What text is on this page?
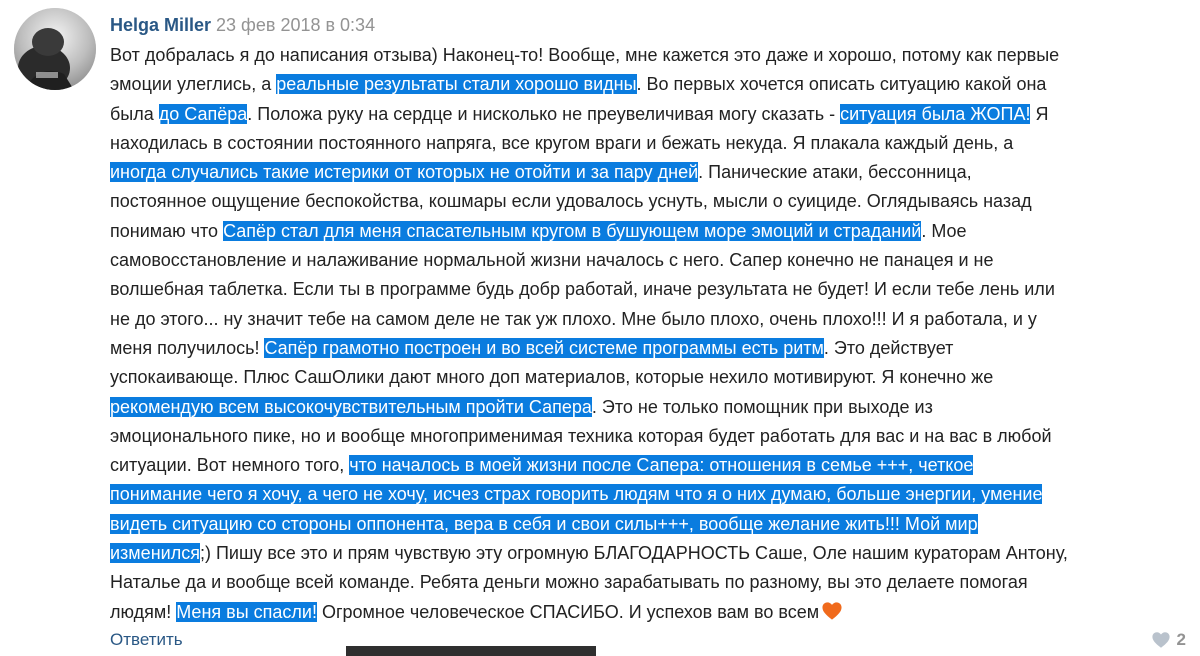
Helga Miller 23 фев 2018 в 0:34
Вот добралась я до написания отзыва) Наконец-то! Вообще, мне кажется это даже и хорошо, потому как первые
эмоции улеглись, а реальные результаты стали хорошо видны. Во первых хочется описать ситуацию какой она
была до Сапёра. Положа руку на сердце и нисколько не преувеличивая могу сказать - ситуация была ЖОПА! Я
находилась в состоянии постоянного напряга, все кругом враги и бежать некуда. Я плакала каждый день, а
иногда случались такие истерики от которых не отойти и за пару дней. Панические атаки, бессонница,
постоянное ощущение беспокойства, кошмары если удовалось уснуть, мысли о суициде. Оглядываясь назад
понимаю что Сапёр стал для меня спасательным кругом в бушующем море эмоций и страданий. Мое
самовосстановление и налаживание нормальной жизни началось с него. Сапер конечно не панацея и не
волшебная таблетка. Если ты в программе будь добр работай, иначе результата не будет! И если тебе лень или
не до этого... ну значит тебе на самом деле не так уж плохо. Мне было плохо, очень плохо!!! И я работала, и у
меня получилось! Сапёр грамотно построен и во всей системе программы есть ритм. Это действует
успокаивающе. Плюс СашОлики дают много доп материалов, которые нехило мотивируют. Я конечно же
рекомендую всем высокочувствительным пройти Сапера. Это не только помощник при выходе из
эмоционального пике, но и вообще многоприменимая техника которая будет работать для вас и на вас в любой
ситуации. Вот немного того, что началось в моей жизни после Сапера: отношения в семье +++, четкое
понимание чего я хочу, а чего не хочу, исчез страх говорить людям что я о них думаю, больше энергии, умение
видеть ситуацию со стороны оппонента, вера в себя и свои силы+++, вообще желание жить!!! Мой мир
изменился;) Пишу все это и прям чувствую эту огромную БЛАГОДАРНОСТЬ Саше, Оле нашим кураторам Антону,
Наталье да и вообще всей команде. Ребята деньги можно зарабатывать по разному, вы это делаете помогая
людям! Меня вы спасли! Огромное человеческое СПАСИБО. И успехов вам во всем
Ответить	2
